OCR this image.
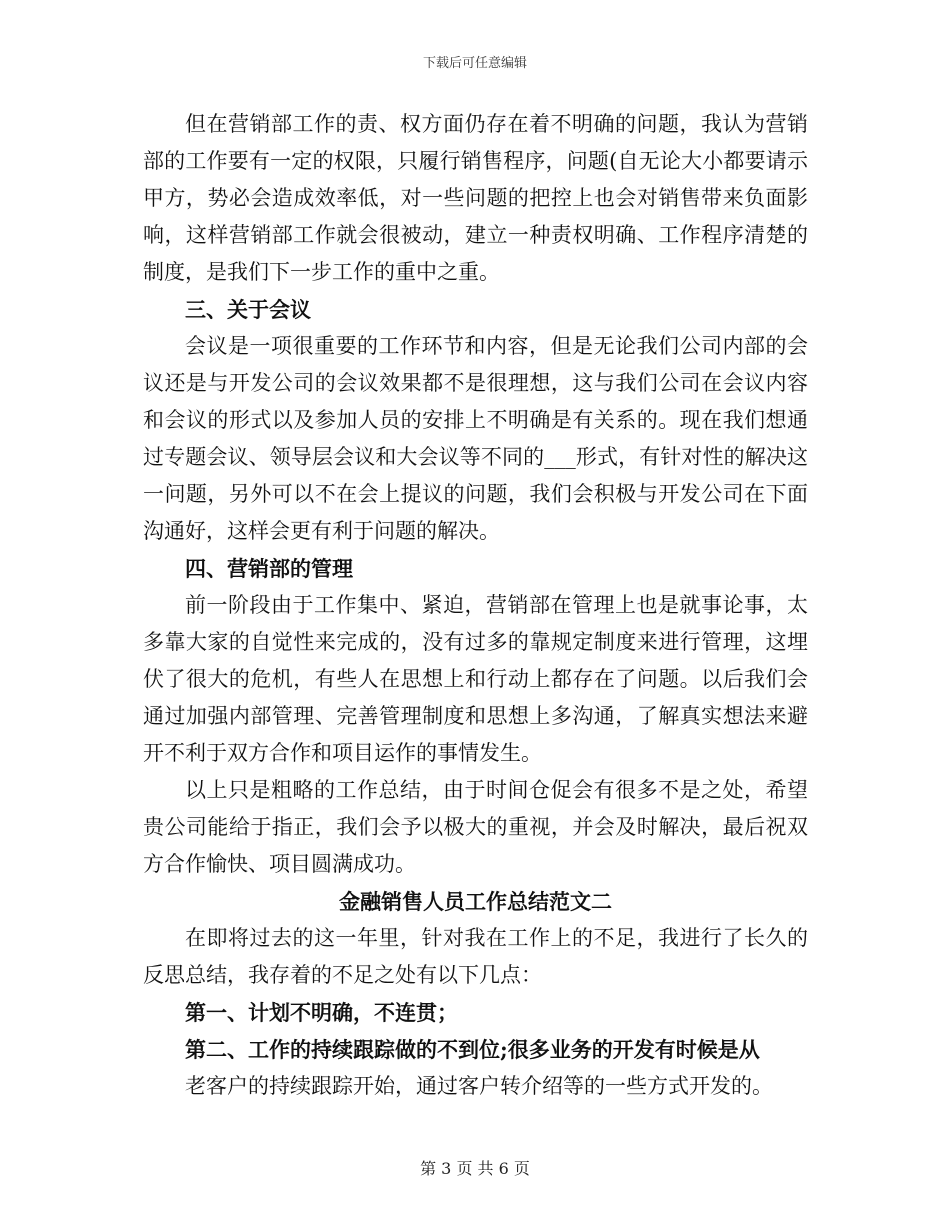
下载后可任意编辑

但在营销部工作的责、权方面仍存在着不明确的问题，我认为营销部的工作要有一定的权限，只履行销售程序，问题(自无论大小都要请示甲方，势必会造成效率低，对一些问题的把控上也会对销售带来负面影响，这样营销部工作就会很被动，建立一种责权明确、工作程序清楚的制度，是我们下一步工作的重中之重。

三、关于会议

会议是一项很重要的工作环节和内容，但是无论我们公司内部的会议还是与开发公司的会议效果都不是很理想，这与我们公司在会议内容和会议的形式以及参加人员的安排上不明确是有关系的。现在我们想通过专题会议、领导层会议和大会议等不同的___形式，有针对性的解决这一问题，另外可以不在会上提议的问题，我们会积极与开发公司在下面沟通好，这样会更有利于问题的解决。

四、营销部的管理

前一阶段由于工作集中、紧迫，营销部在管理上也是就事论事，太多靠大家的自觉性来完成的，没有过多的靠规定制度来进行管理，这埋伏了很大的危机，有些人在思想上和行动上都存在了问题。以后我们会通过加强内部管理、完善管理制度和思想上多沟通，了解真实想法来避开不利于双方合作和项目运作的事情发生。

以上只是粗略的工作总结，由于时间仓促会有很多不是之处，希望贵公司能给于指正，我们会予以极大的重视，并会及时解决，最后祝双方合作愉快、项目圆满成功。

金融销售人员工作总结范文二

在即将过去的这一年里，针对我在工作上的不足，我进行了长久的反思总结，我存着的不足之处有以下几点：

第一、计划不明确，不连贯；

第二、工作的持续跟踪做的不到位;很多业务的开发有时候是从

老客户的持续跟踪开始，通过客户转介绍等的一些方式开发的。

第 3 页 共 6 页
